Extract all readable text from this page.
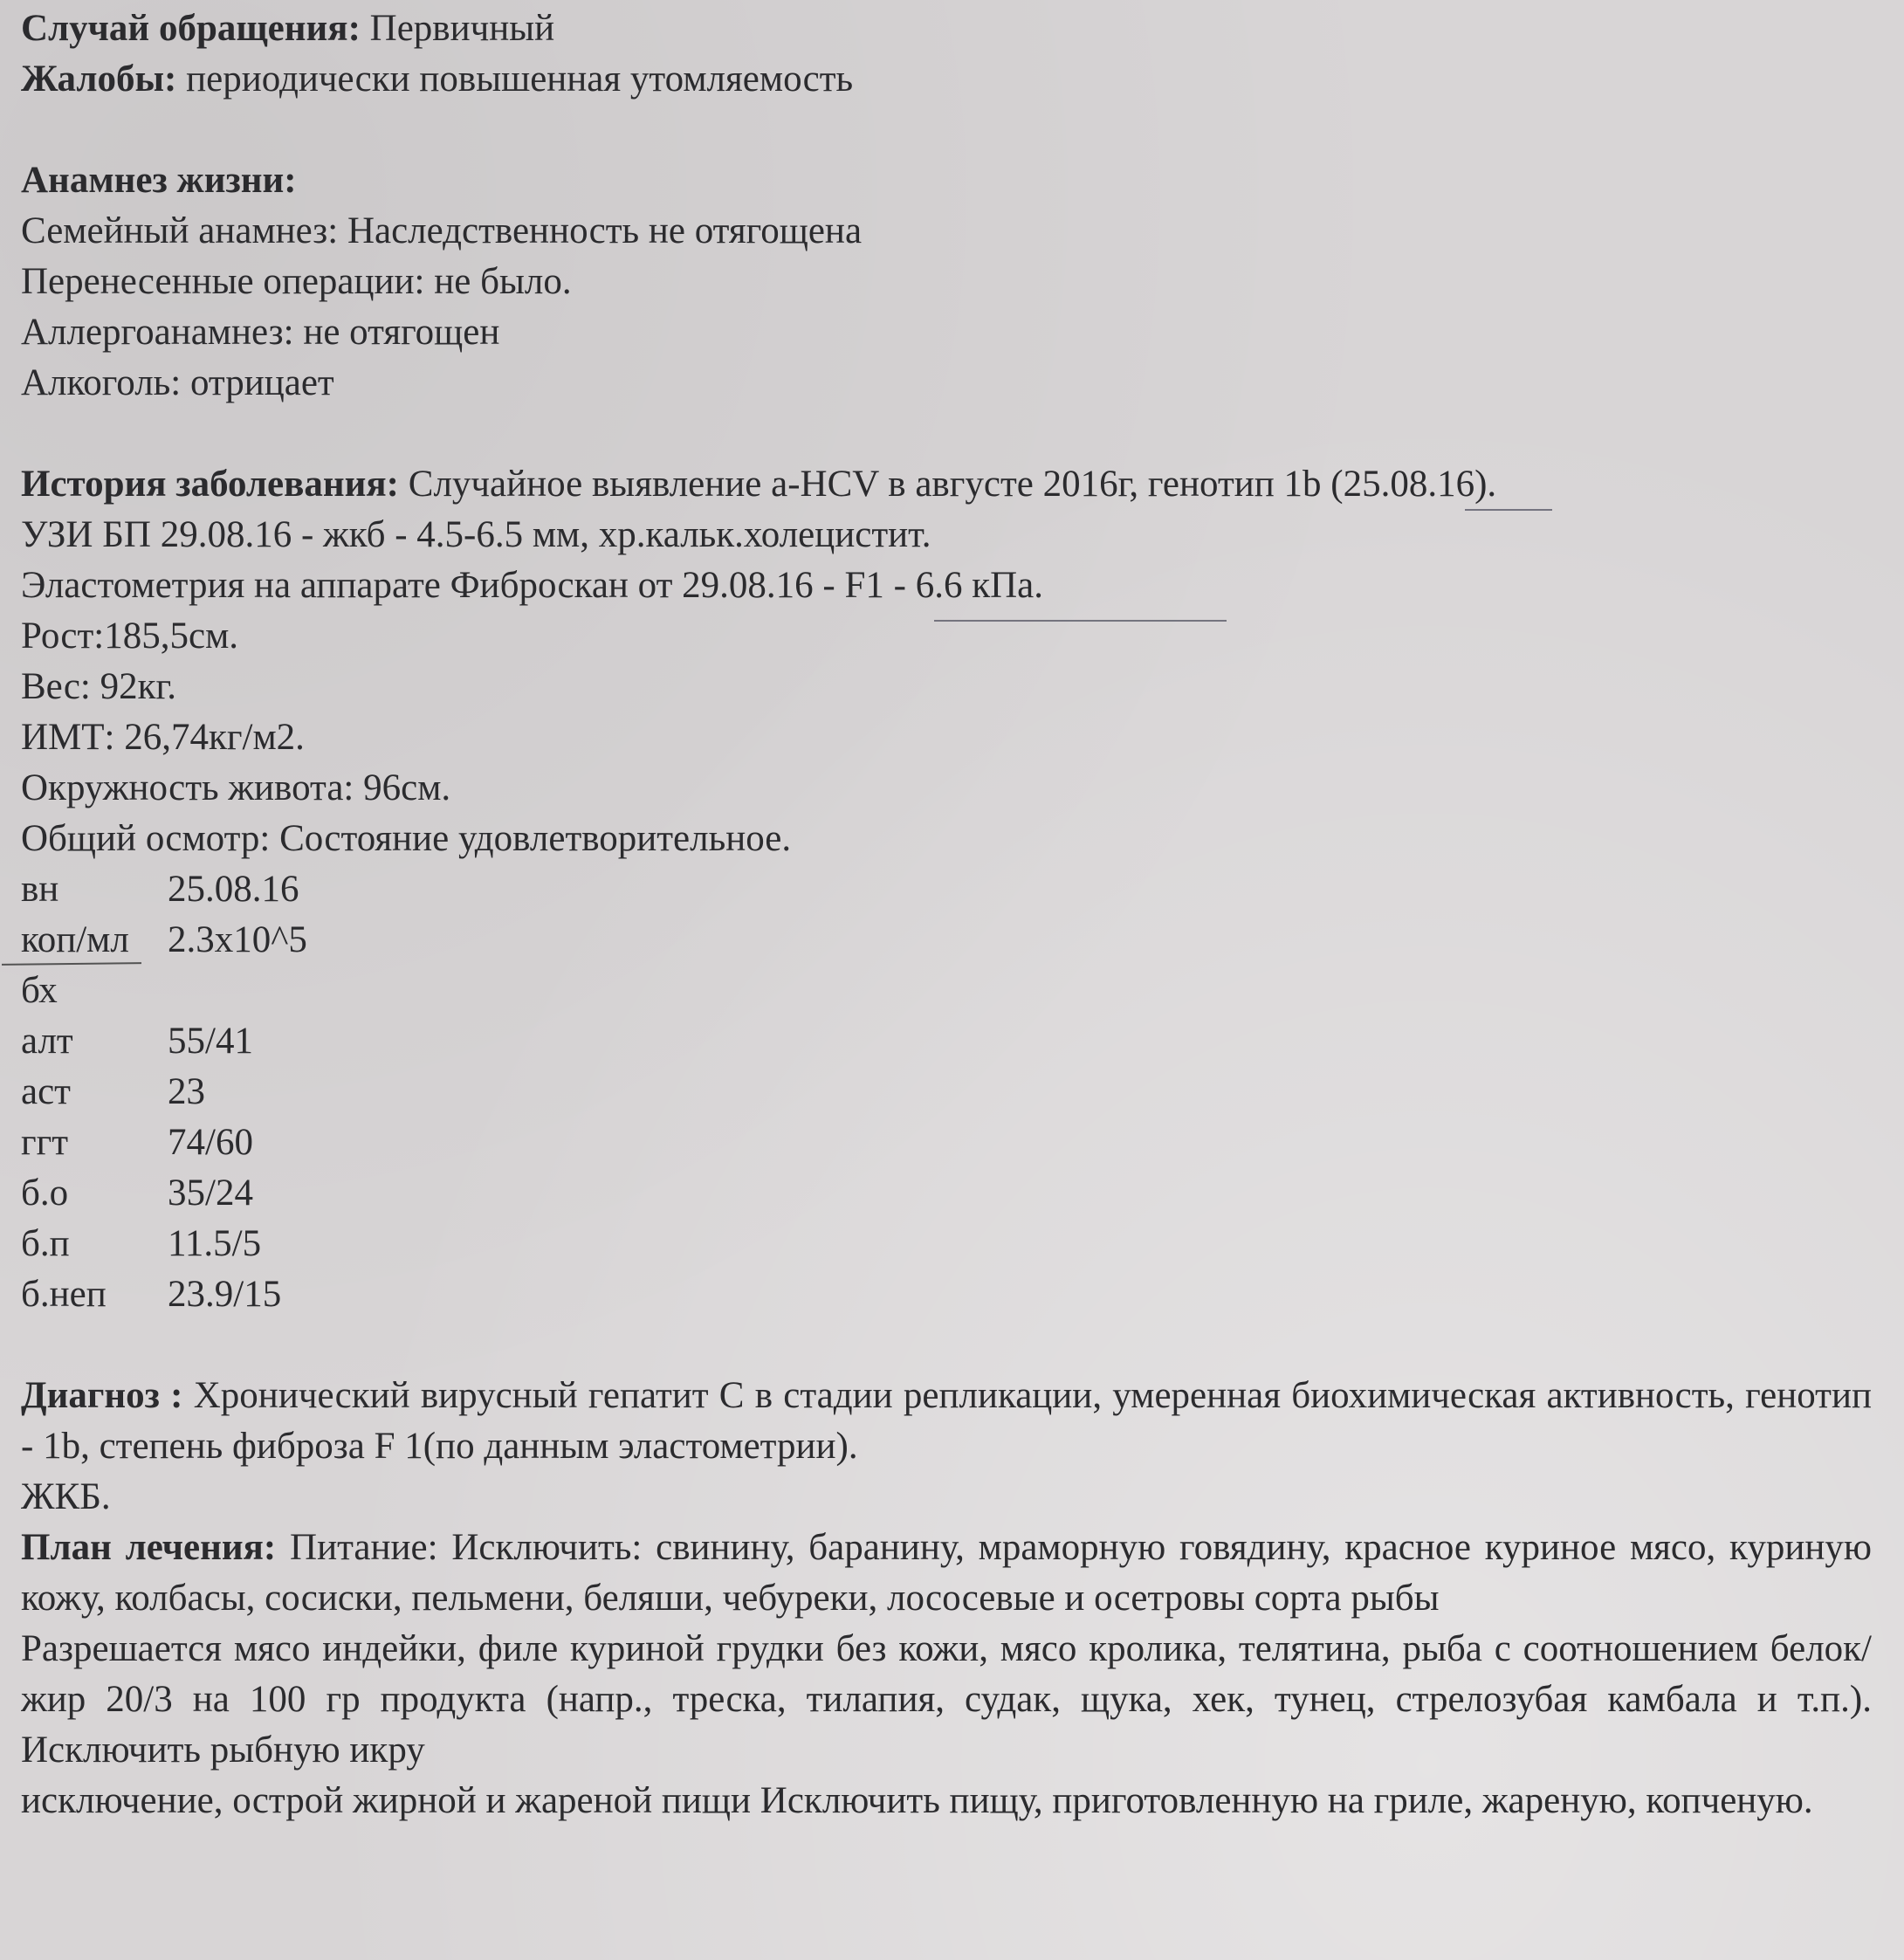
Случай обращения: Первичный
Жалобы: периодически повышенная утомляемость
Анамнез жизни:
Семейный анамнез: Наследственность не отягощена
Перенесенные операции: не было.
Аллергоанамнез: не отягощен
Алкоголь: отрицает
История заболевания: Случайное выявление a-HCV в августе 2016г, генотип 1b (25.08.16).
УЗИ БП 29.08.16 - жкб - 4.5-6.5 мм, хр.кальк.холецистит.
Эластометрия на аппарате Фиброскан от 29.08.16 - F1 - 6.6 кПа.
Рост:185,5см.
Вес: 92кг.
ИМТ: 26,74кг/м2.
Окружность живота: 96см.
Общий осмотр: Состояние удовлетворительное.
вн	25.08.16
коп/мл	2.3x10^5
бх
алт	55/41
аст	23
ггт	74/60
б.о	35/24
б.п	11.5/5
б.неп	23.9/15
Диагноз : Хронический вирусный гепатит С в стадии репликации, умеренная биохимическая активность, генотип - 1b, степень фиброза F 1(по данным эластометрии).
ЖКБ.
План лечения: Питание: Исключить: свинину, баранину, мраморную говядину, красное куриное мясо, куриную кожу, колбасы, сосиски, пельмени, беляши, чебуреки, лососевые и осетровы сорта рыбы
Разрешается мясо индейки, филе куриной грудки без кожи, мясо кролика, телятина, рыба с соотношением белок/жир 20/3 на 100 гр продукта (напр., треска, тилапия, судак, щука, хек, тунец, стрелозубая камбала и т.п.). Исключить рыбную икру
исключение, острой жирной и жареной пищи Исключить пищу, приготовленную на гриле, жареную, копченую.
